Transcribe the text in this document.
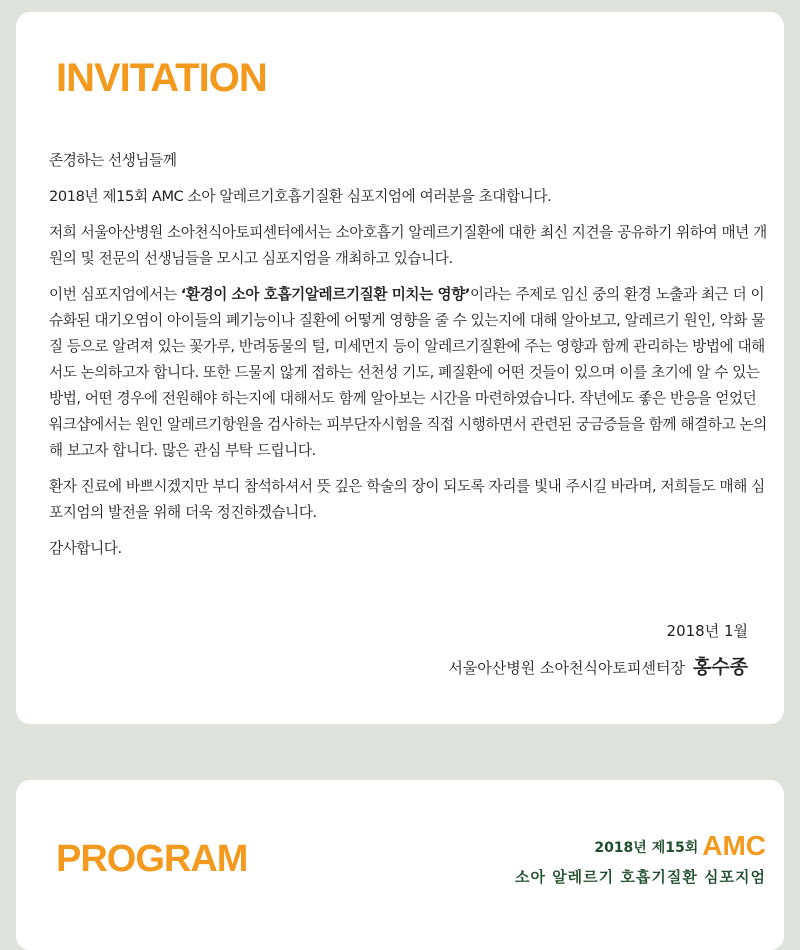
INVITATION

존경하는 선생님들께

2018년 제15회 AMC 소아 알레르기호흡기질환 심포지엄에 여러분을 초대합니다.

저희 서울아산병원 소아천식아토피센터에서는 소아호흡기 알레르기질환에 대한 최신 지견을 공유하기 위하여 매년 개원의 및 전문의 선생님들을 모시고 심포지엄을 개최하고 있습니다.

이번 심포지엄에서는 ‘환경이 소아 호흡기알레르기질환 미치는 영향’이라는 주제로 임신 중의 환경 노출과 최근 더 이슈화된 대기오염이 아이들의 폐기능이나 질환에 어떻게 영향을 줄 수 있는지에 대해 알아보고, 알레르기 원인, 악화 물질 등으로 알려져 있는 꽃가루, 반려동물의 털, 미세먼지 등이 알레르기질환에 주는 영향과 함께 관리하는 방법에 대해서도 논의하고자 합니다. 또한 드물지 않게 접하는 선천성 기도, 폐질환에 어떤 것들이 있으며 이를 초기에 알 수 있는 방법, 어떤 경우에 전원해야 하는지에 대해서도 함께 알아보는 시간을 마련하였습니다. 작년에도 좋은 반응을 얻었던 워크샵에서는 원인 알레르기항원을 검사하는 피부단자시험을 직접 시행하면서 관련된 궁금증들을 함께 해결하고 논의해 보고자 합니다. 많은 관심 부탁 드립니다.

환자 진료에 바쁘시겠지만 부디 참석하셔서 뜻 깊은 학술의 장이 되도록 자리를 빛내 주시길 바라며, 저희들도 매해 심포지엄의 발전을 위해 더욱 정진하겠습니다.

감사합니다.

2018년 1월
서울아산병원 소아천식아토피센터장 홍수종
PROGRAM	2018년 제15회 AMC
소아 알레르기 호흡기질환 심포지엄
